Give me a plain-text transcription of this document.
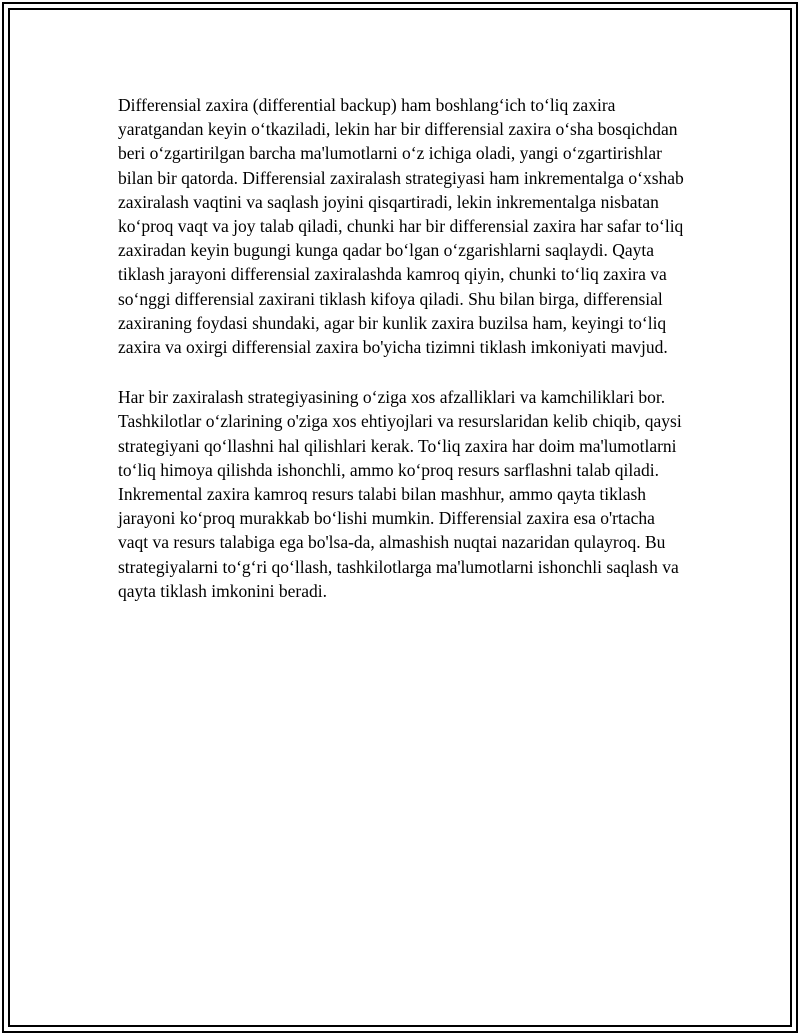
Differensial zaxira (differential backup) ham boshlang‘ich to‘liq zaxira yaratgandan keyin o‘tkaziladi, lekin har bir differensial zaxira o‘sha bosqichdan beri o‘zgartirilgan barcha ma'lumotlarni o‘z ichiga oladi, yangi o‘zgartirishlar bilan bir qatorda. Differensial zaxiralash strategiyasi ham inkrementalga o‘xshab zaxiralash vaqtini va saqlash joyini qisqartiradi, lekin inkrementalga nisbatan ko‘proq vaqt va joy talab qiladi, chunki har bir differensial zaxira har safar to‘liq zaxiradan keyin bugungi kunga qadar bo‘lgan o‘zgarishlarni saqlaydi. Qayta tiklash jarayoni differensial zaxiralashda kamroq qiyin, chunki to‘liq zaxira va so‘nggi differensial zaxirani tiklash kifoya qiladi. Shu bilan birga, differensial zaxiraning foydasi shundaki, agar bir kunlik zaxira buzilsa ham, keyingi to‘liq zaxira va oxirgi differensial zaxira bo'yicha tizimni tiklash imkoniyati mavjud.

Har bir zaxiralash strategiyasining o‘ziga xos afzalliklari va kamchiliklari bor. Tashkilotlar o‘zlarining o'ziga xos ehtiyojlari va resurslaridan kelib chiqib, qaysi strategiyani qo‘llashni hal qilishlari kerak. To‘liq zaxira har doim ma'lumotlarni to‘liq himoya qilishda ishonchli, ammo ko‘proq resurs sarflashni talab qiladi. Inkremental zaxira kamroq resurs talabi bilan mashhur, ammo qayta tiklash jarayoni ko‘proq murakkab bo‘lishi mumkin. Differensial zaxira esa o'rtacha vaqt va resurs talabiga ega bo'lsa-da, almashish nuqtai nazaridan qulayroq. Bu strategiyalarni to‘g‘ri qo‘llash, tashkilotlarga ma'lumotlarni ishonchli saqlash va qayta tiklash imkonini beradi.
